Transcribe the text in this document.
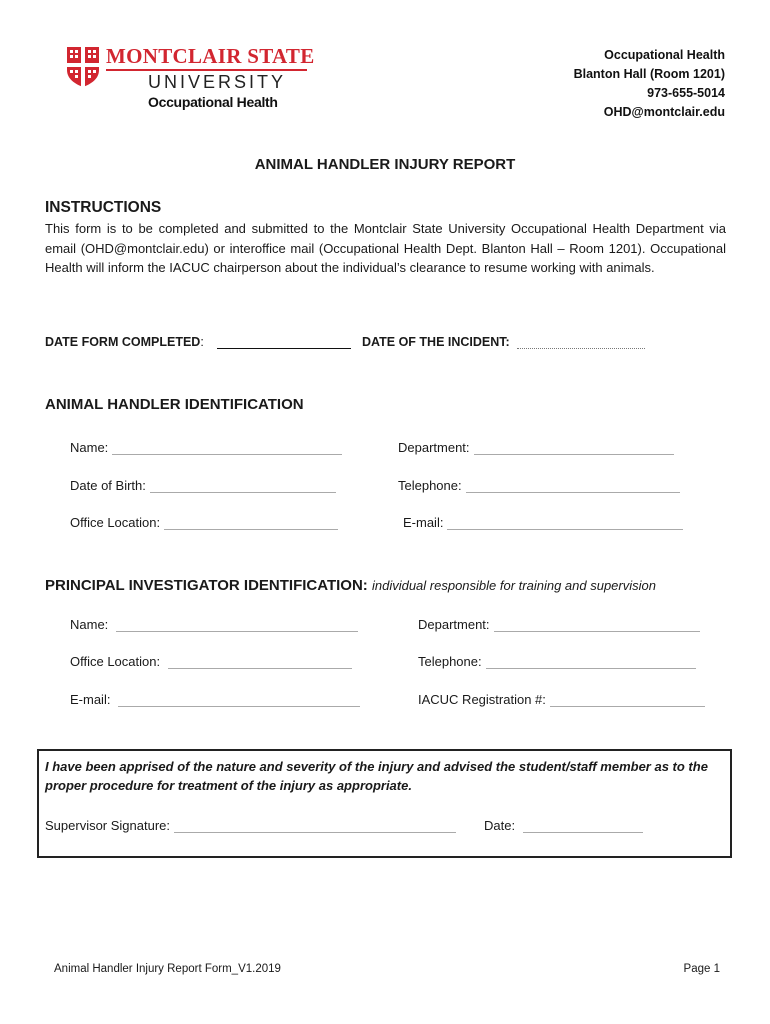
MONTCLAIR STATE
UNIVERSITY
Occupational Health
Occupational Health
Blanton Hall (Room 1201)
973-655-5014
OHD@montclair.edu
ANIMAL HANDLER INJURY REPORT
INSTRUCTIONS
This form is to be completed and submitted to the Montclair State University Occupational Health Department via email (OHD@montclair.edu) or interoffice mail (Occupational Health Dept. Blanton Hall – Room 1201). Occupational Health will inform the IACUC chairperson about the individual’s clearance to resume working with animals.
DATE FORM COMPLETED:	DATE OF THE INCIDENT:
ANIMAL HANDLER IDENTIFICATION
Name:	Department:
Date of Birth:	Telephone:
Office Location:	E-mail:
PRINCIPAL INVESTIGATOR IDENTIFICATION: individual responsible for training and supervision
Name:	Department:
Office Location:	Telephone:
E-mail:	IACUC Registration #:
I have been apprised of the nature and severity of the injury and advised the student/staff member as to the proper procedure for treatment of the injury as appropriate.
Supervisor Signature:	Date:
Animal Handler Injury Report Form_V1.2019	Page 1
